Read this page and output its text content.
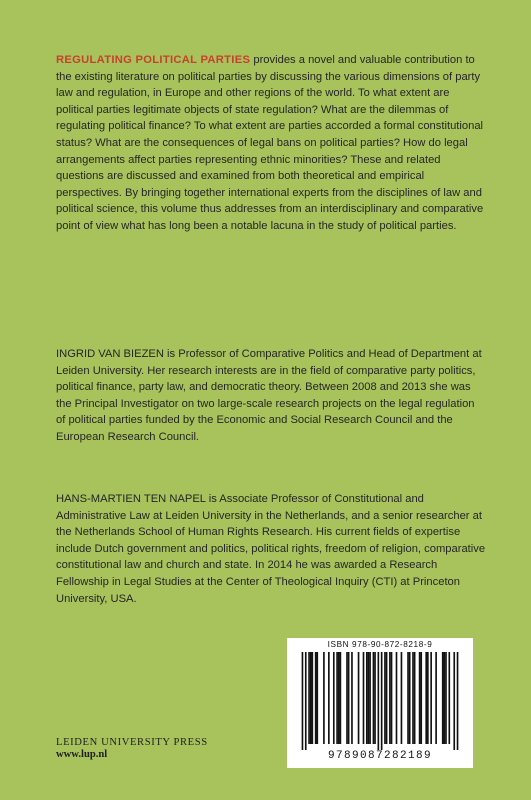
REGULATING POLITICAL PARTIES provides a novel and valuable contribution to the existing literature on political parties by discussing the various dimensions of party law and regulation, in Europe and other regions of the world. To what extent are political parties legitimate objects of state regulation? What are the dilemmas of regulating political finance? To what extent are parties accorded a formal constitutional status? What are the consequences of legal bans on political parties? How do legal arrangements affect parties representing ethnic minorities? These and related questions are discussed and examined from both theoretical and empirical perspectives. By bringing together international experts from the disciplines of law and political science, this volume thus addresses from an interdisciplinary and comparative point of view what has long been a notable lacuna in the study of political parties.

INGRID VAN BIEZEN is Professor of Comparative Politics and Head of Department at Leiden University. Her research interests are in the field of comparative party politics, political finance, party law, and democratic theory. Between 2008 and 2013 she was the Principal Investigator on two large-scale research projects on the legal regulation of political parties funded by the Economic and Social Research Council and the European Research Council.

HANS-MARTIEN TEN NAPEL is Associate Professor of Constitutional and Administrative Law at Leiden University in the Netherlands, and a senior researcher at the Netherlands School of Human Rights Research. His current fields of expertise include Dutch government and politics, political rights, freedom of religion, comparative constitutional law and church and state. In 2014 he was awarded a Research Fellowship in Legal Studies at the Center of Theological Inquiry (CTI) at Princeton University, USA.

LEIDEN UNIVERSITY PRESS
www.lup.nl
ISBN 978-90-872-8218-9
9789087282189
